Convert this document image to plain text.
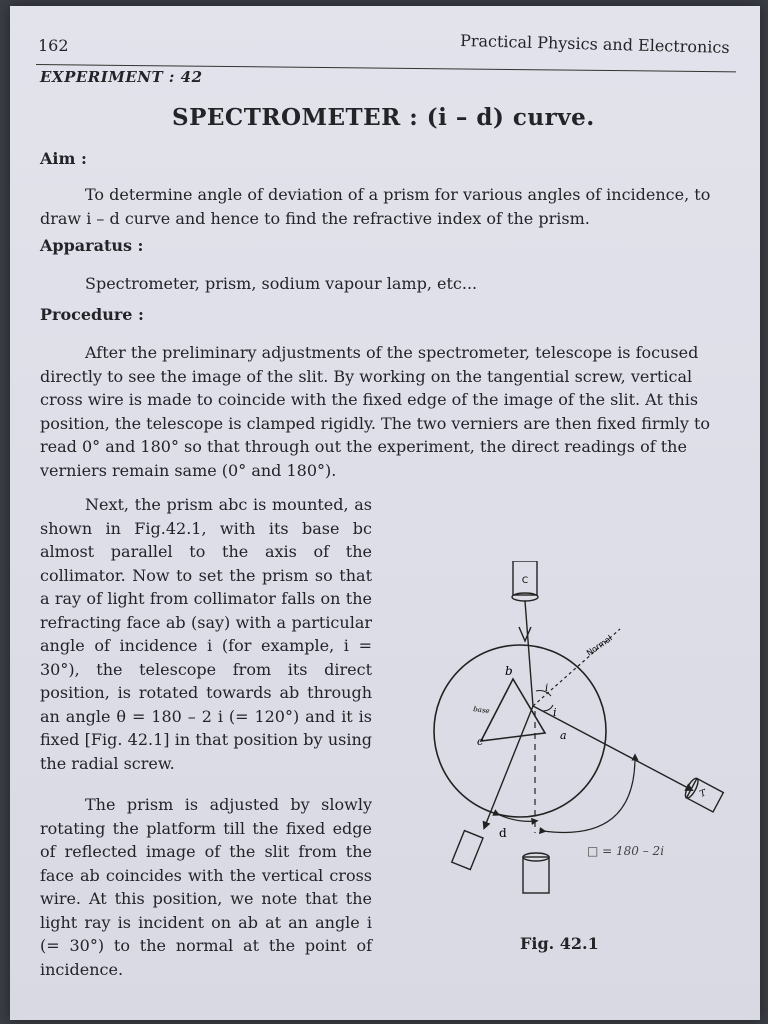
162	Practical Physics and Electronics
EXPERIMENT : 42
SPECTROMETER : (i – d) curve.
Aim :

To determine angle of deviation of a prism for various angles of incidence, to draw i – d curve and hence to find the refractive index of the prism.

Apparatus :

Spectrometer, prism, sodium vapour lamp, etc...

Procedure :

After the preliminary adjustments of the spectrometer, telescope is focused directly to see the image of the slit. By working on the tangential screw, vertical cross wire is made to coincide with the fixed edge of the image of the slit. At this position, the telescope is clamped rigidly. The two verniers are then fixed firmly to read 0° and 180° so that through out the experiment, the direct readings of the verniers remain same (0° and 180°).

Next, the prism abc is mounted, as shown in Fig.42.1, with its base bc almost parallel to the axis of the collimator. Now to set the prism so that a ray of light from collimator falls on the refracting face ab (say) with a particular angle of incidence i (for example, i = 30°), the telescope from its direct position, is rotated towards ab through an angle θ = 180 – 2 i (= 120°) and it is fixed [Fig. 42.1] in that position by using the radial screw.

The prism is adjusted by slowly rotating the platform till the fixed edge of reflected image of the slit from the face ab coincides with the vertical cross wire. At this position, we note that the light ray is incident on ab at an angle i (= 30°) to the normal at the point of incidence.

C
Normal
b
c	a
base
i
i
d
T
□ = 180 – 2i
Fig. 42.1
